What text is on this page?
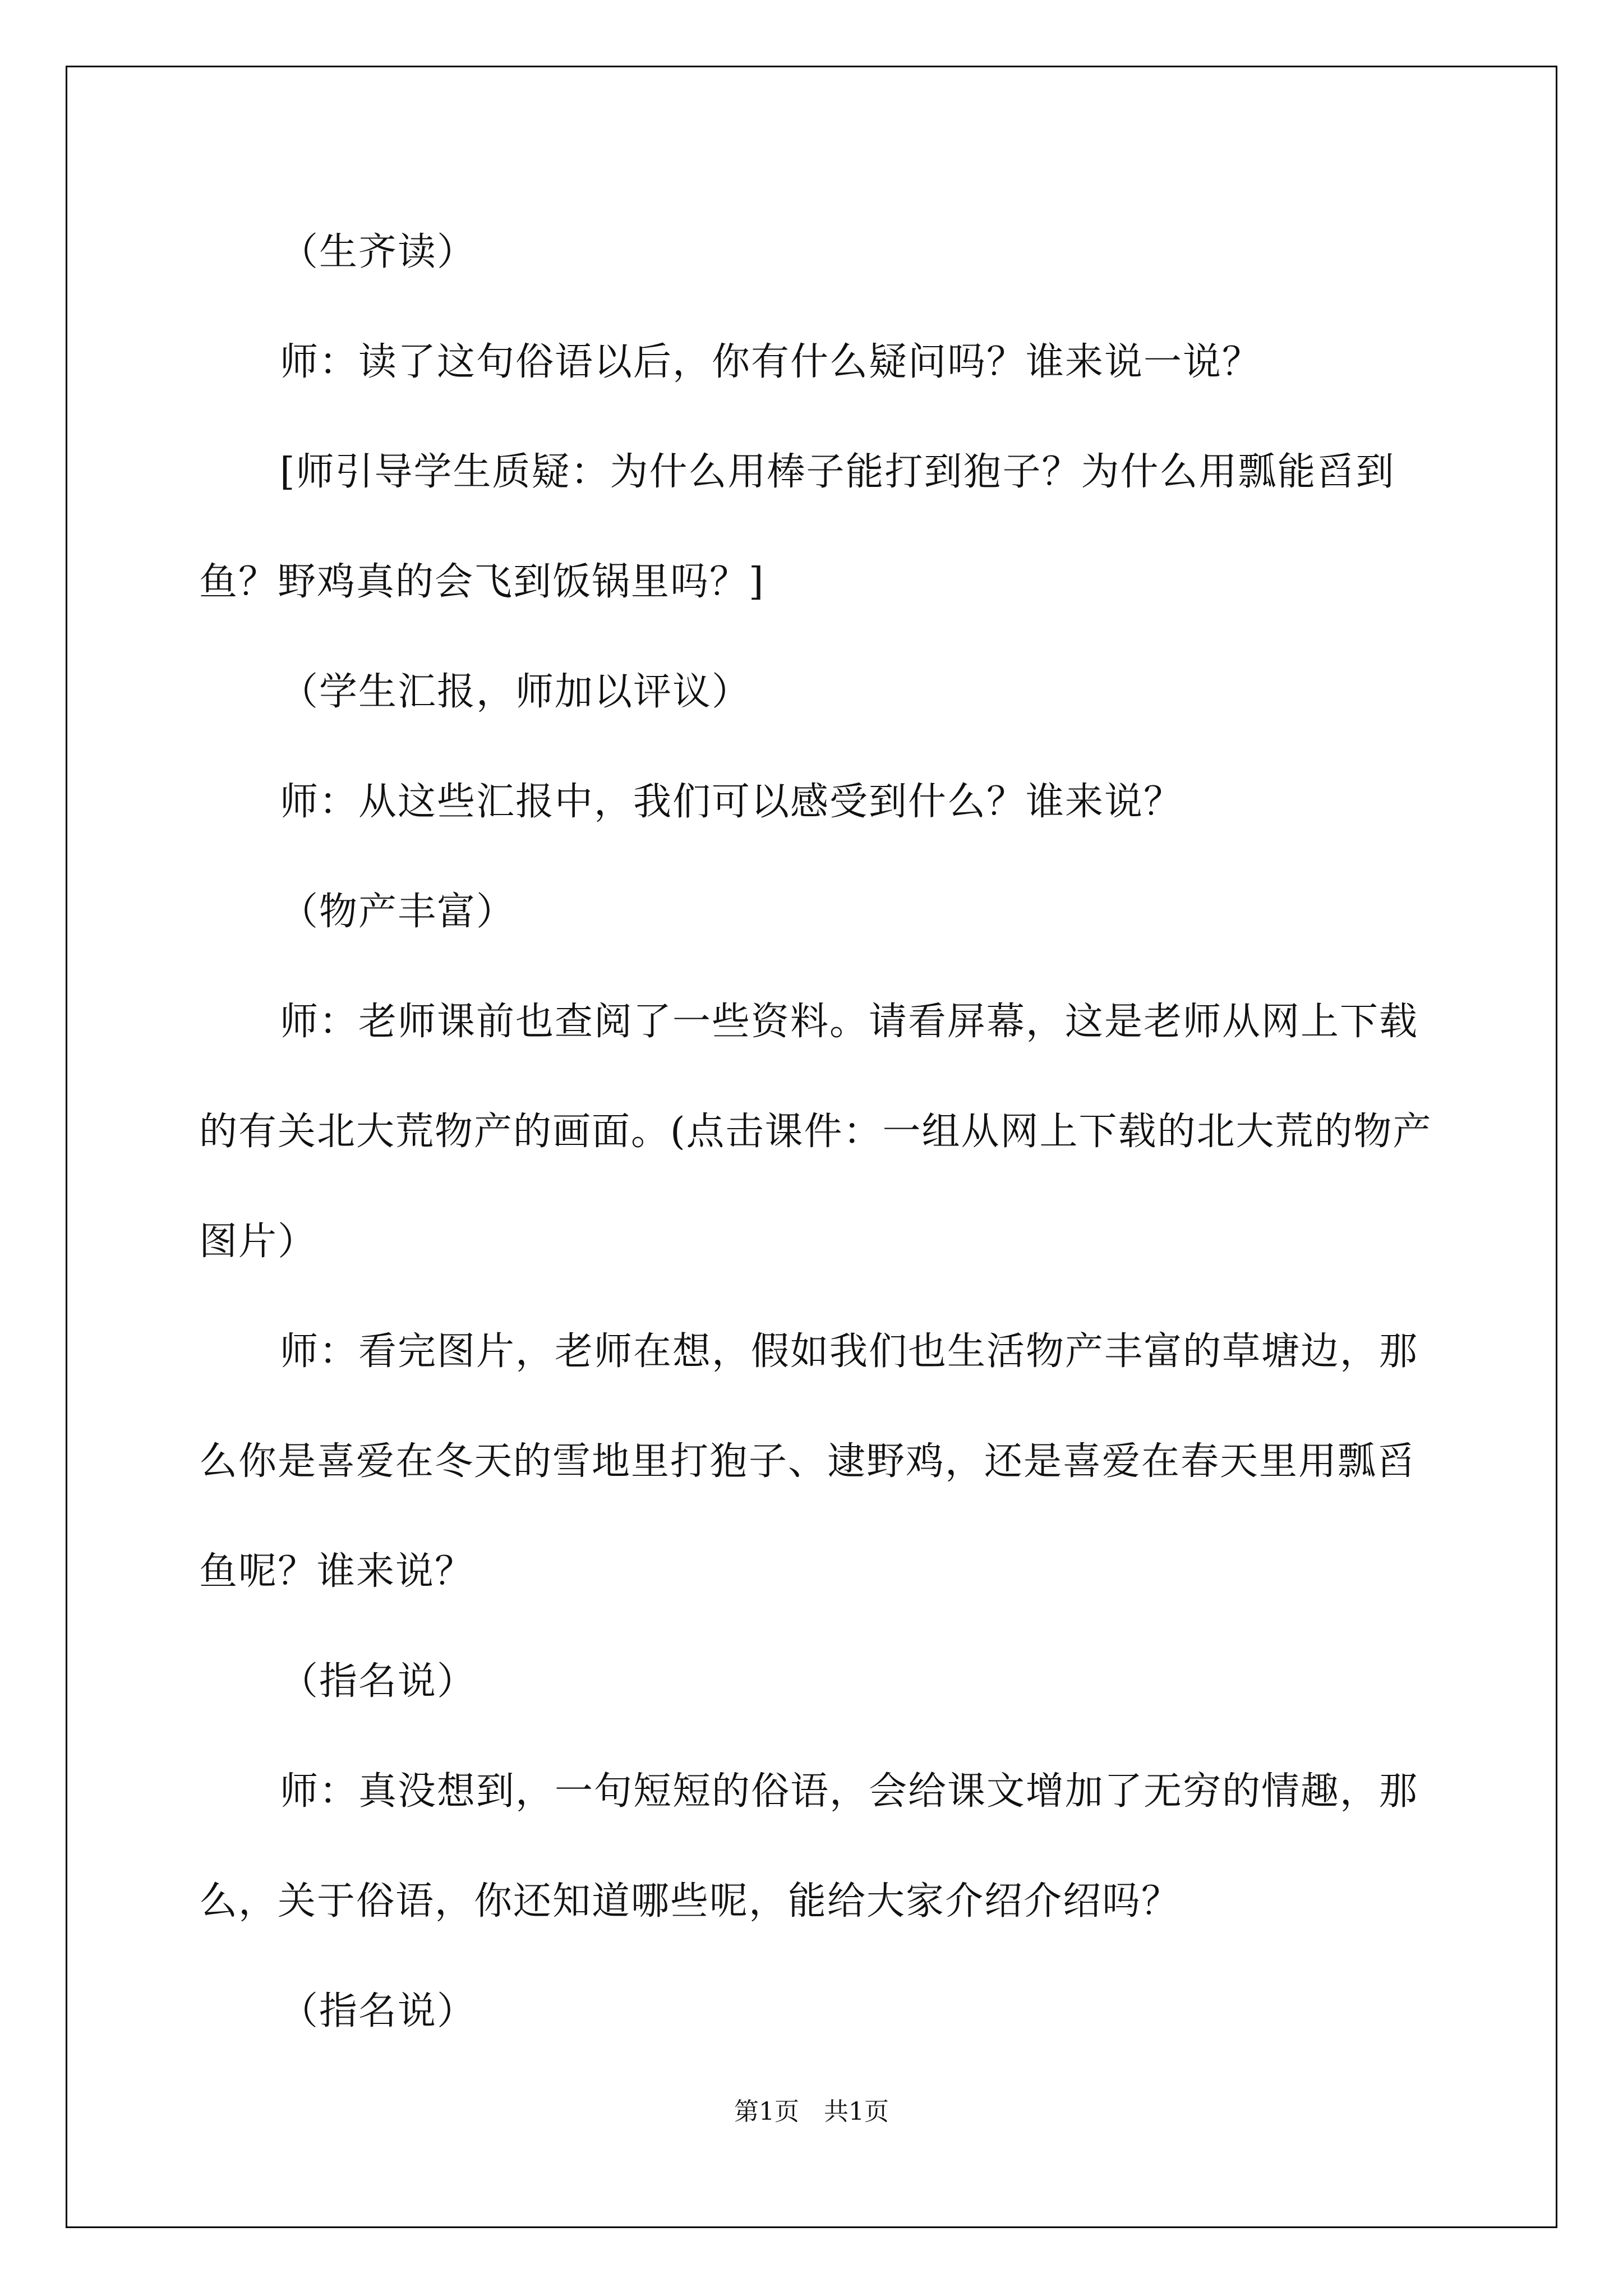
（生齐读）

师：读了这句俗语以后，你有什么疑问吗？谁来说一说？

[师引导学生质疑：为什么用棒子能打到狍子？为什么用瓢能舀到鱼？野鸡真的会飞到饭锅里吗？]

（学生汇报，师加以评议）

师：从这些汇报中，我们可以感受到什么？谁来说？

（物产丰富）

师：老师课前也查阅了一些资料。请看屏幕，这是老师从网上下载的有关北大荒物产的画面。(点击课件：一组从网上下载的北大荒的物产图片）

师：看完图片，老师在想，假如我们也生活物产丰富的草塘边，那么你是喜爱在冬天的雪地里打狍子、逮野鸡，还是喜爱在春天里用瓢舀鱼呢？谁来说？

（指名说）

师：真没想到，一句短短的俗语，会给课文增加了无穷的情趣，那么，关于俗语，你还知道哪些呢，能给大家介绍介绍吗？

（指名说）

第1页　共1页
